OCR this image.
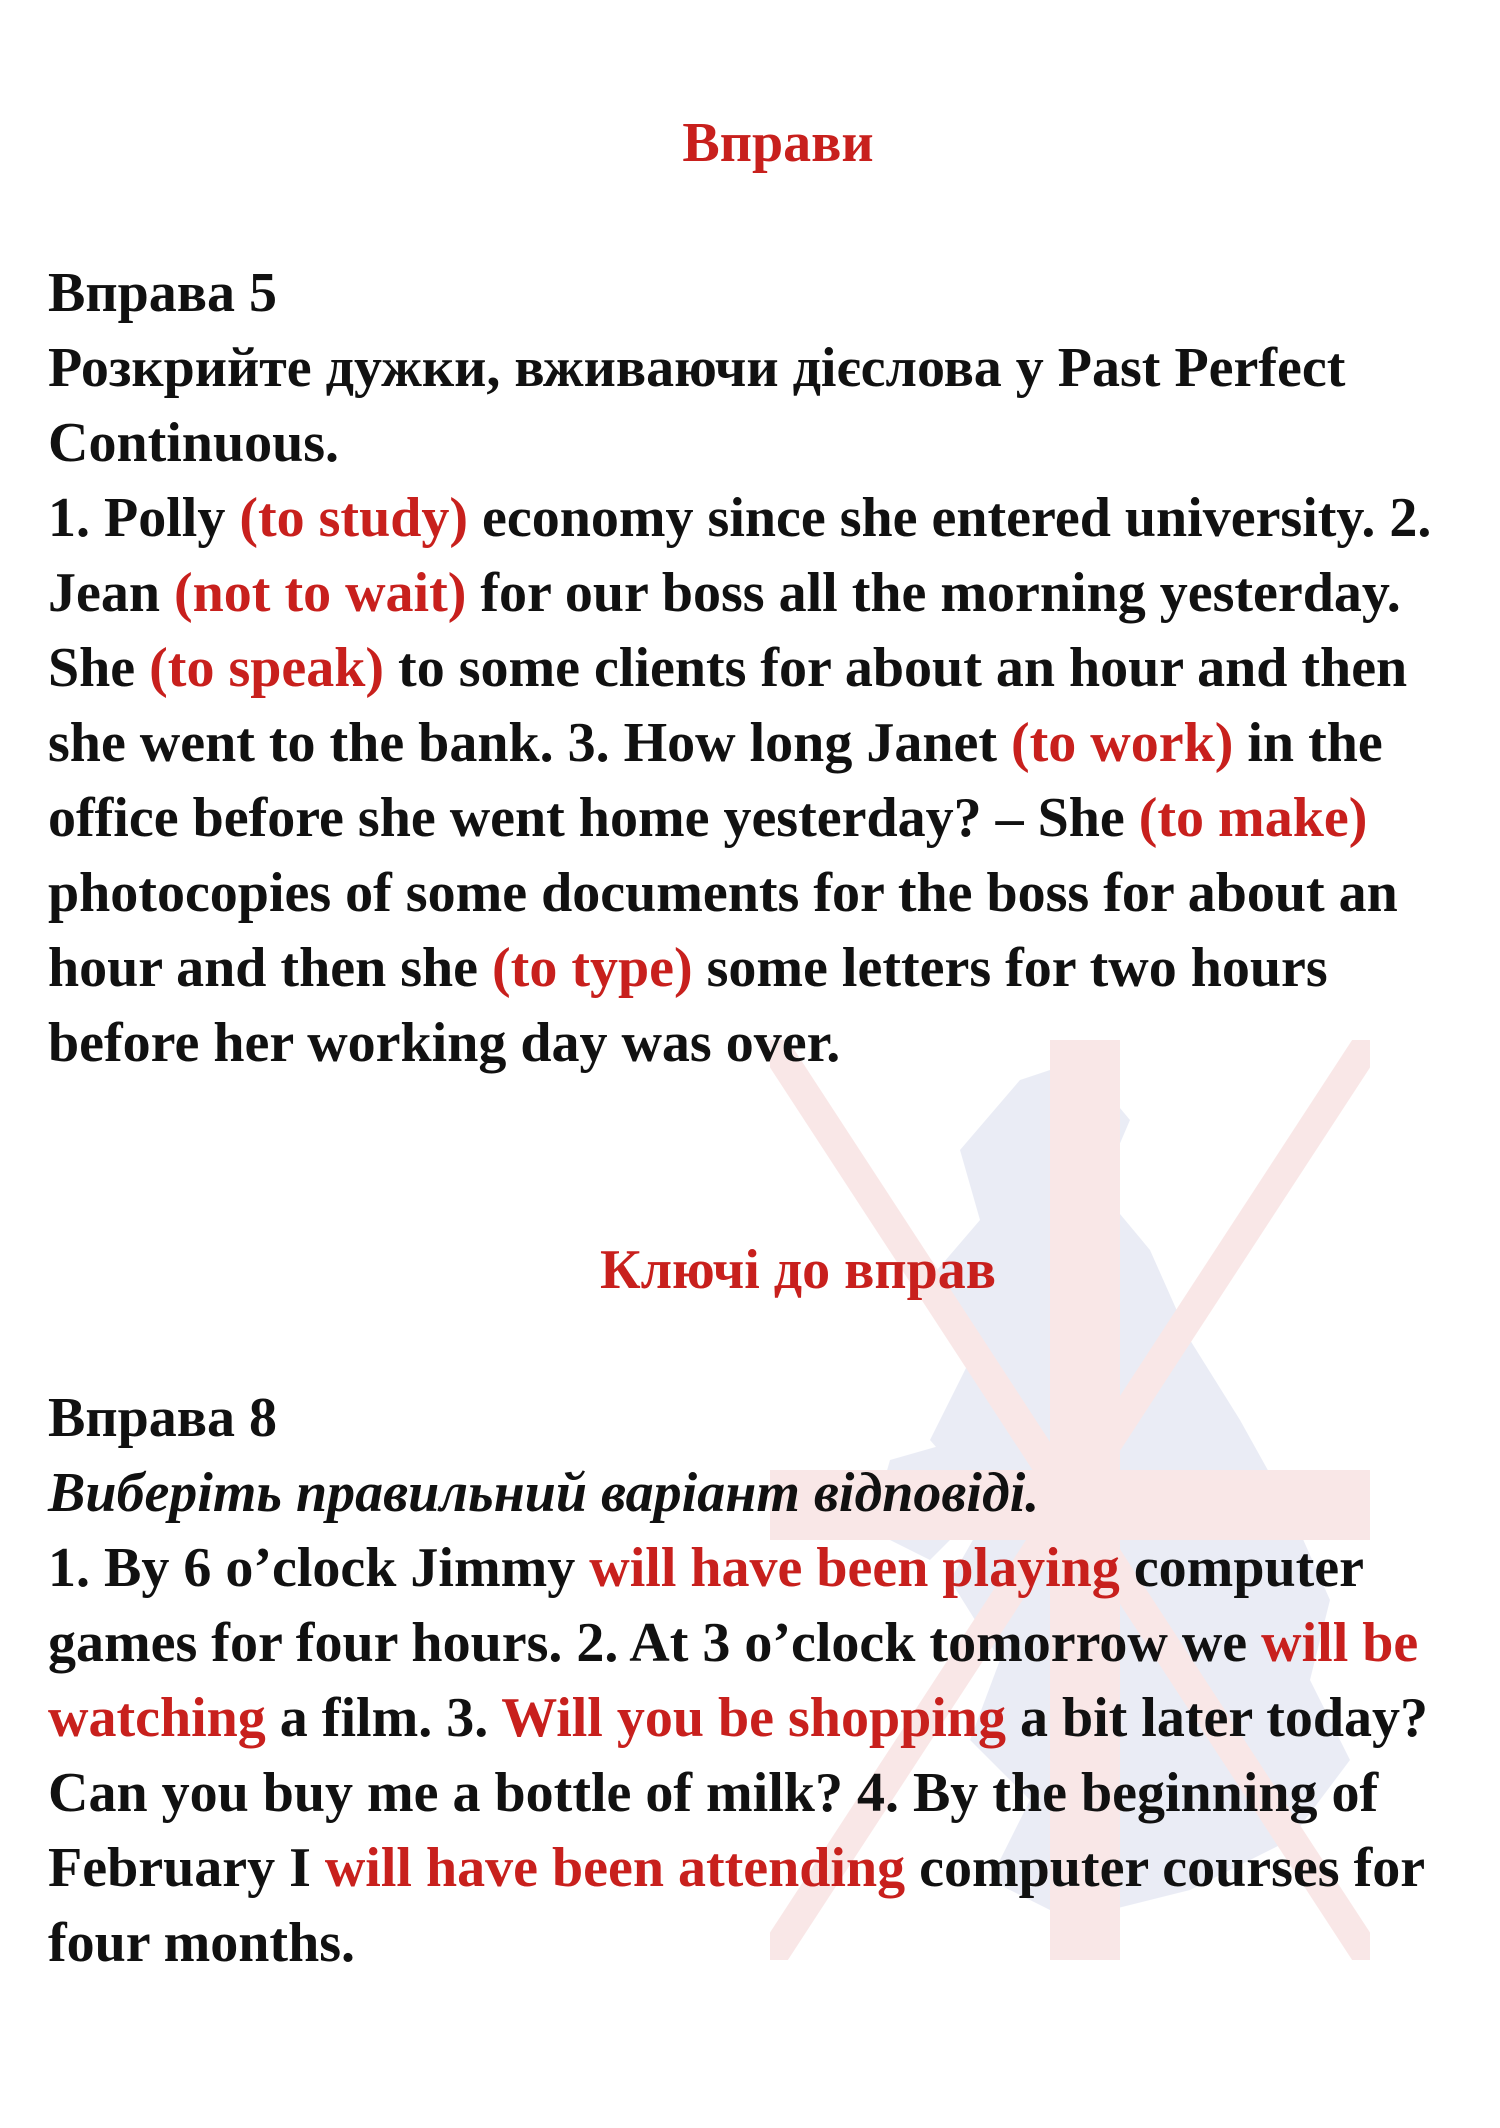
Вправи

Вправа 5

Розкрийте дужки, вживаючи дієслова у Past Perfect Continuous.

1. Polly (to study) economy since she entered university. 2. Jean (not to wait) for our boss all the morning yesterday. She (to speak) to some clients for about an hour and then she went to the bank. 3. How long Janet (to work) in the office before she went home yesterday? – She (to make) photocopies of some documents for the boss for about an hour and then she (to type) some letters for two hours before her working day was over.

Ключі до вправ

Вправа 8

Виберіть правильний варіант відповіді.

1. By 6 o’clock Jimmy will have been playing computer games for four hours. 2. At 3 o’clock tomorrow we will be watching a film. 3. Will you be shopping a bit later today? Can you buy me a bottle of milk? 4. By the beginning of February I will have been attending computer courses for four months.
